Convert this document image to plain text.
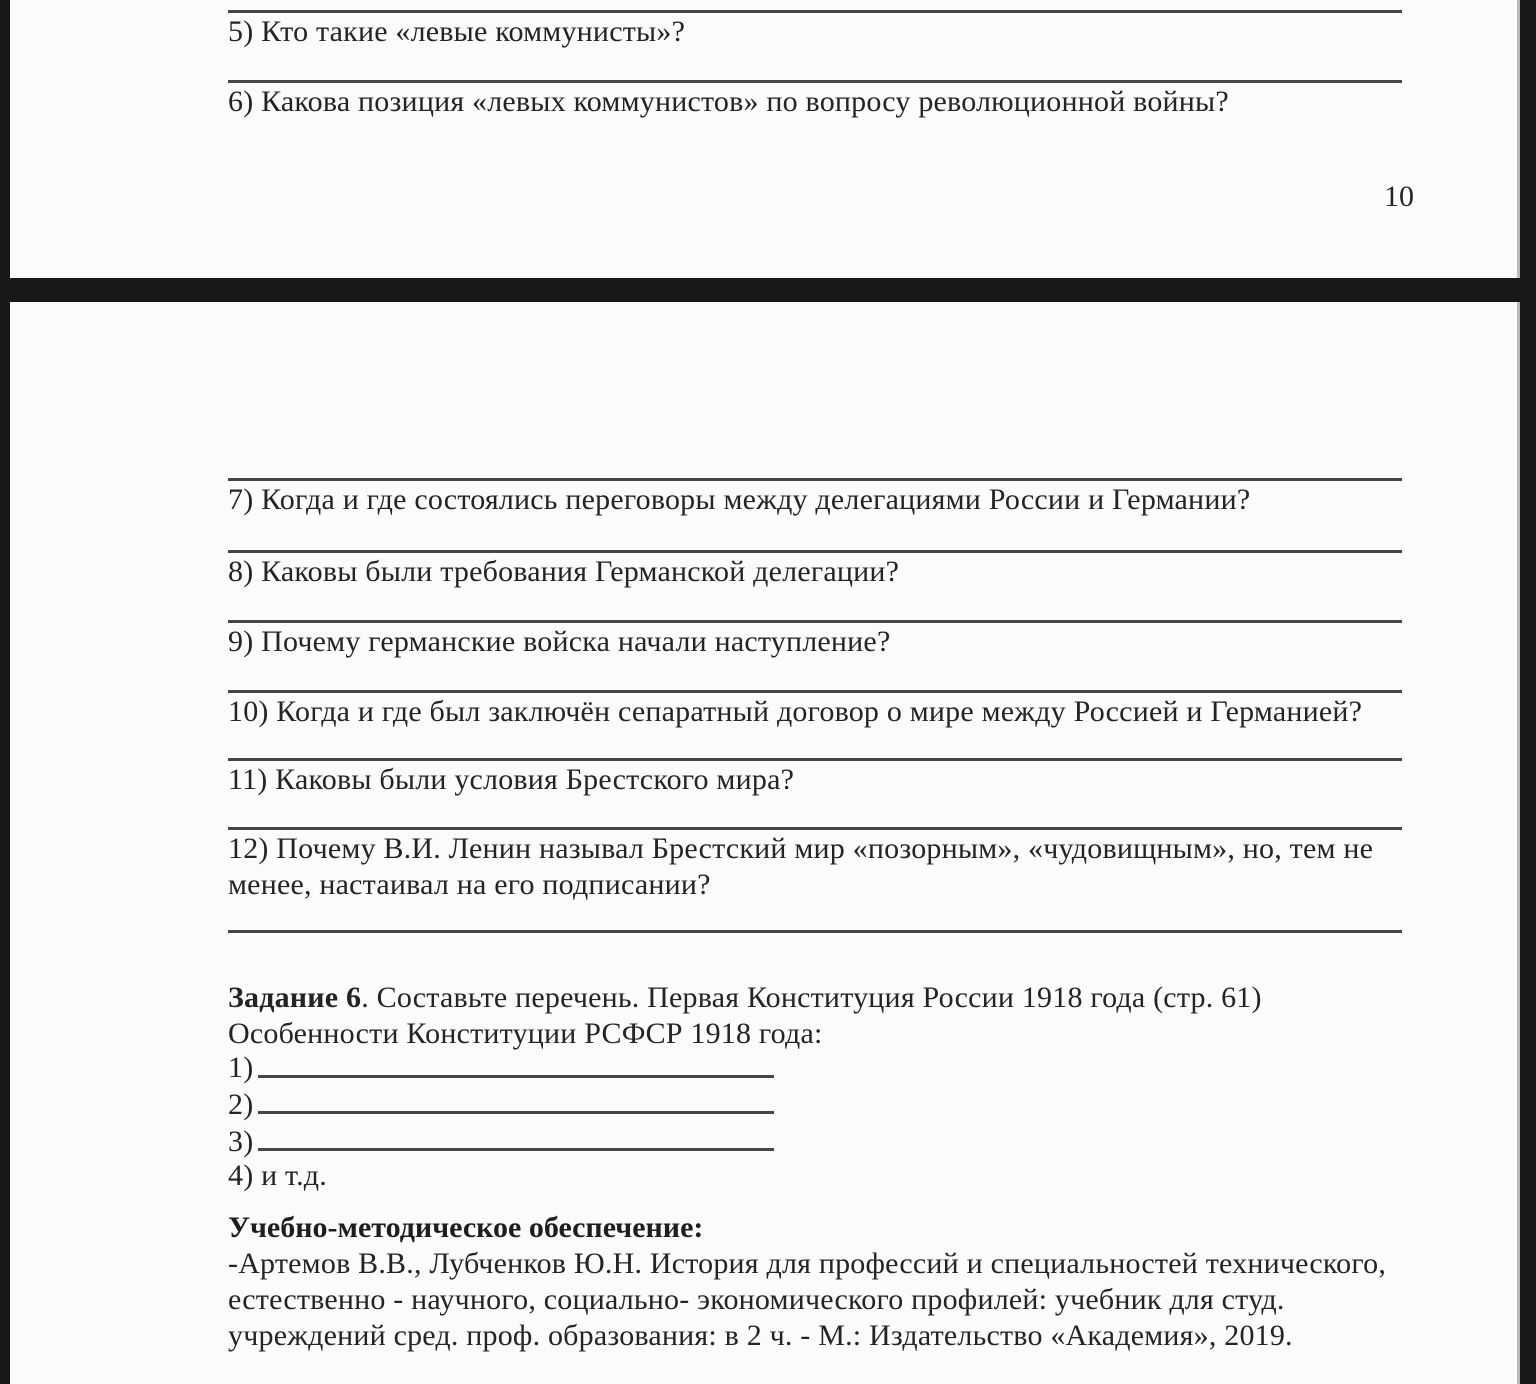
5) Кто такие «левые коммунисты»?
6) Какова позиция «левых коммунистов» по вопросу революционной войны?
10
7) Когда и где состоялись переговоры между делегациями России и Германии?
8) Каковы были требования Германской делегации?
9) Почему германские войска начали наступление?
10) Когда и где был заключён сепаратный договор о мире между Россией и Германией?
11) Каковы были условия Брестского мира?
12) Почему В.И. Ленин называл Брестский мир «позорным», «чудовищным», но, тем не
менее, настаивал на его подписании?
Задание 6. Составьте перечень. Первая Конституция России 1918 года (стр. 61)
Особенности Конституции РСФСР 1918 года:
1)
2)
3)
4) и т.д.
Учебно-методическое обеспечение:
-Артемов В.В., Лубченков Ю.Н. История для профессий и специальностей технического,
естественно - научного, социально- экономического профилей: учебник для студ.
учреждений сред. проф. образования: в 2 ч. - М.: Издательство «Академия», 2019.
